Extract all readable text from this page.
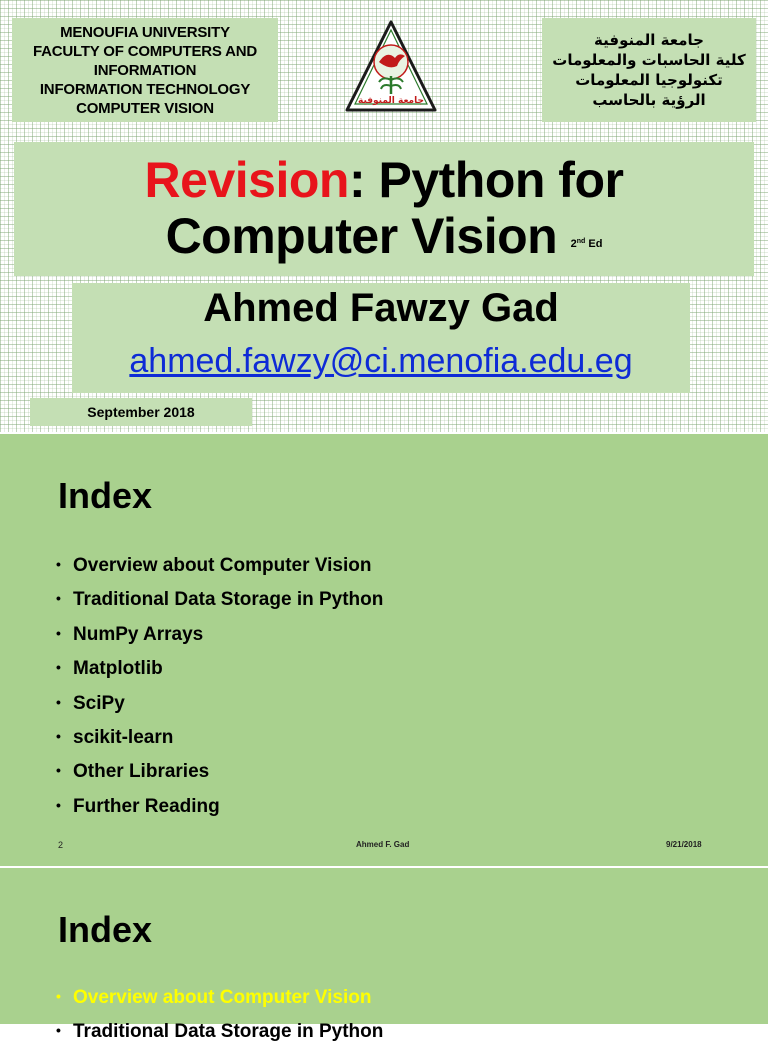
MENOUFIA UNIVERSITY
FACULTY OF COMPUTERS AND
INFORMATION
INFORMATION TECHNOLOGY
COMPUTER VISION	جامعة المنوفية
جامعة المنوفية
كلية الحاسبات والمعلومات
تكنولوجيا المعلومات
الرؤية بالحاسب
Revision: Python for
Computer Vision $^{2^{nd} Ed}$
Ahmed Fawzy Gad
ahmed.fawzy@ci.menofia.edu.eg
September 2018
Index
• Overview about Computer Vision
• Traditional Data Storage in Python
• NumPy Arrays
• Matplotlib
• SciPy
• scikit-learn
• Other Libraries
• Further Reading
2	Ahmed F. Gad	9/21/2018
Index
• Overview about Computer Vision
• Traditional Data Storage in Python
